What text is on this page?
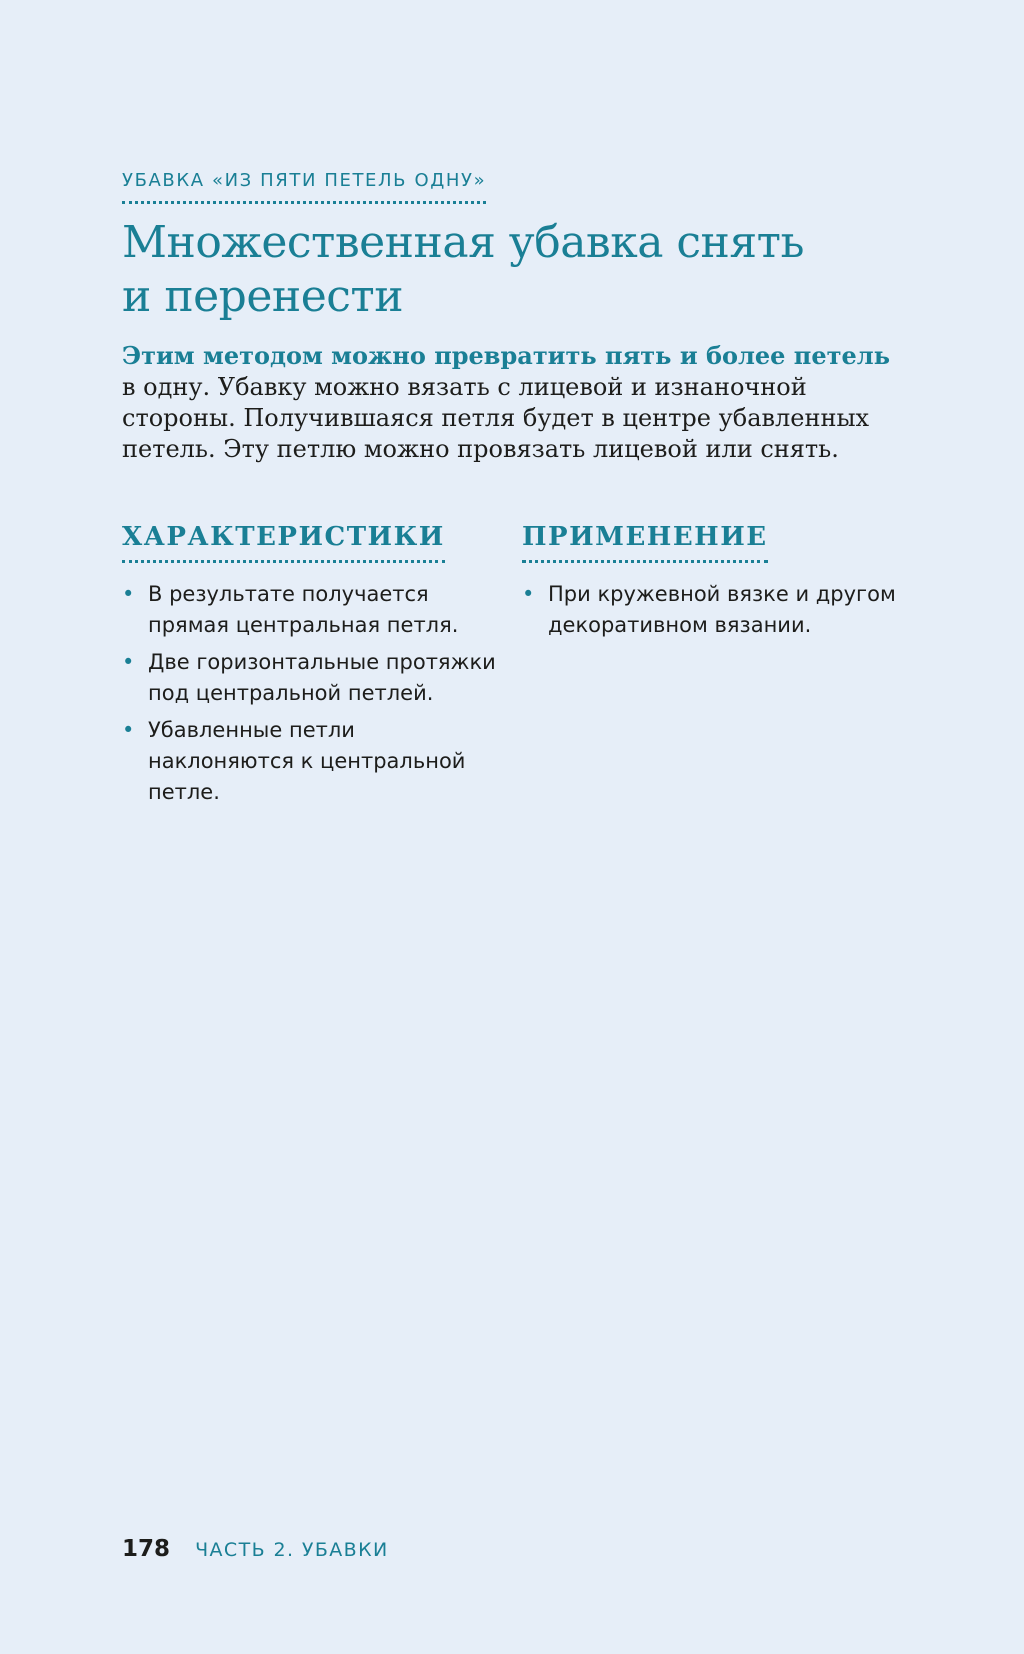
УБАВКА «ИЗ ПЯТИ ПЕТЕЛЬ ОДНУ»
Множественная убавка снять
и перенести

Этим методом можно превратить пять и более петель в одну. Убавку можно вязать с лицевой и изнаночной стороны. Получившаяся петля будет в центре убавленных петель. Эту петлю можно провязать лицевой или снять.

ХАРАКТЕРИСТИКИ
• В результате получается прямая центральная петля.
• Две горизонтальные протяжки под центральной петлей.
• Убавленные петли наклоняются к центральной петле.
ПРИМЕНЕНИЕ
• При кружевной вязке и другом декоративном вязании.
178 ЧАСТЬ 2. УБАВКИ
